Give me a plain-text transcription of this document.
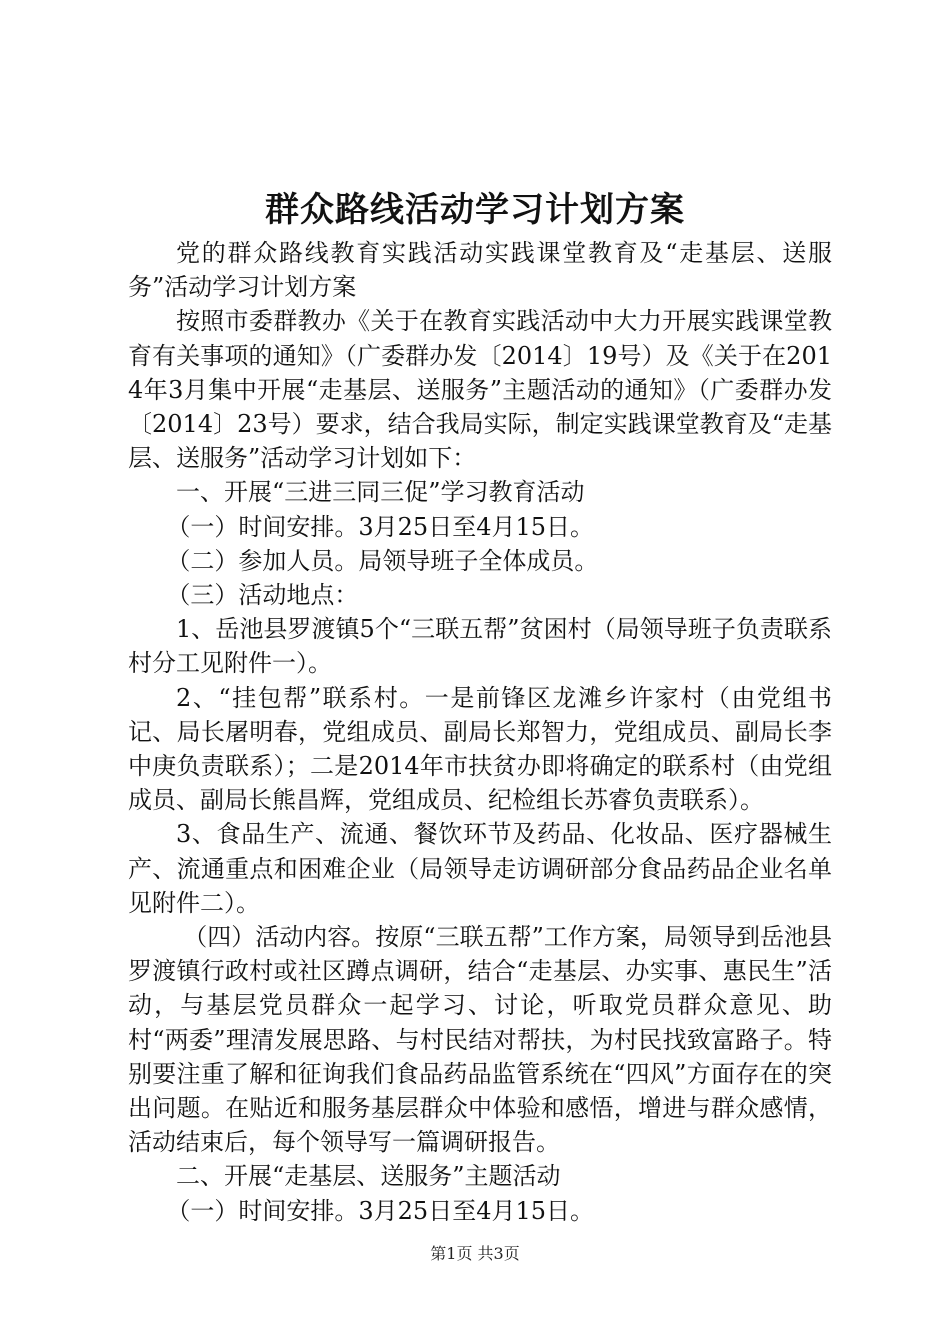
群众路线活动学习计划方案

党的群众路线教育实践活动实践课堂教育及“走基层、送服务”活动学习计划方案

按照市委群教办《关于在教育实践活动中大力开展实践课堂教育有关事项的通知》（广委群办发〔2014〕19号）及《关于在2014年3月集中开展“走基层、送服务”主题活动的通知》（广委群办发〔2014〕23号）要求，结合我局实际，制定实践课堂教育及“走基层、送服务”活动学习计划如下：

一、开展“三进三同三促”学习教育活动

（一）时间安排。3月25日至4月15日。

（二）参加人员。局领导班子全体成员。

（三）活动地点：

1、岳池县罗渡镇5个“三联五帮”贫困村（局领导班子负责联系村分工见附件一）。

2、“挂包帮”联系村。一是前锋区龙滩乡许家村（由党组书记、局长屠明春，党组成员、副局长郑智力，党组成员、副局长李中庚负责联系）；二是2014年市扶贫办即将确定的联系村（由党组成员、副局长熊昌辉，党组成员、纪检组长苏睿负责联系）。

3、食品生产、流通、餐饮环节及药品、化妆品、医疗器械生产、流通重点和困难企业（局领导走访调研部分食品药品企业名单见附件二）。

（四）活动内容。按原“三联五帮”工作方案，局领导到岳池县罗渡镇行政村或社区蹲点调研，结合“走基层、办实事、惠民生”活动，与基层党员群众一起学习、讨论，听取党员群众意见、助村“两委”理清发展思路、与村民结对帮扶，为村民找致富路子。特别要注重了解和征询我们食品药品监管系统在“四风”方面存在的突出问题。在贴近和服务基层群众中体验和感悟，增进与群众感情，活动结束后，每个领导写一篇调研报告。

二、开展“走基层、送服务”主题活动

（一）时间安排。3月25日至4月15日。

第1页 共3页
